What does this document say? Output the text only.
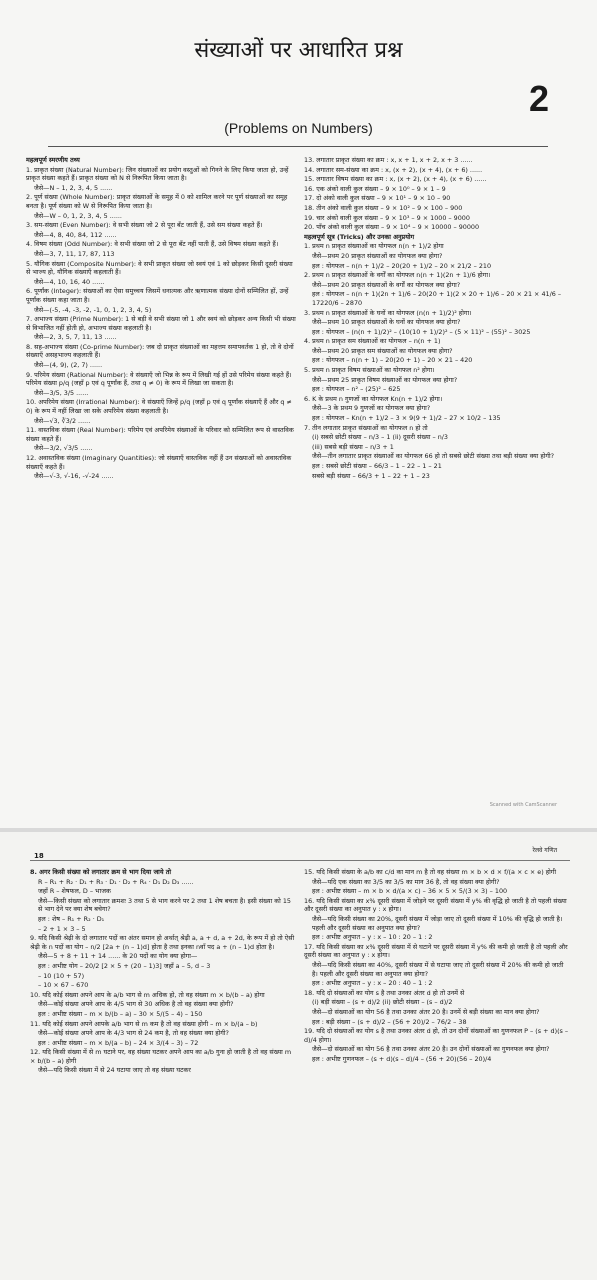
संख्याओं पर आधारित प्रश्न
2
(Problems on Numbers)

महत्वपूर्ण स्मरणीय तथ्य

1. प्राकृत संख्या (Natural Number): जिन संख्याओं का प्रयोग वस्तुओं को गिनने के लिए किया जाता हो, उन्हें प्राकृत संख्या कहते हैं। प्राकृत संख्या को N से निरूपित किया जाता है।

जैसे—N – 1, 2, 3, 4, 5 ......

2. पूर्ण संख्या (Whole Number): प्राकृत संख्याओं के समूह में 0 को शामिल करने पर पूर्ण संख्याओं का समूह बनता है। पूर्ण संख्या को W से निरूपित किया जाता है।

जैसे—W – 0, 1, 2, 3, 4, 5 ......

3. सम-संख्या (Even Number): वे सभी संख्या जो 2 से पूरा बँट जाती हैं, उसे सम संख्या कहते हैं।

जैसे—4, 8, 40, 84, 112 ......

4. विषम संख्या (Odd Number): वे सभी संख्या जो 2 से पूरा बँट नहीं पाती हैं, उसे विषम संख्या कहते हैं।

जैसे—3, 7, 11, 17, 87, 113

5. यौगिक संख्या (Composite Number): वे सभी प्राकृत संख्या जो स्वयं एवं 1 को छोड़कर किसी दूसरी संख्या से भाज्य हो, यौगिक संख्याएँ कहलाती हैं।

जैसे—4, 10, 16, 40 ......

6. पूर्णांक (Integer): संख्याओं का ऐसा समुच्चय जिसमें धनात्मक और ऋणात्मक संख्या दोनों सम्मिलित हों, उन्हें पूर्णांक संख्या कहा जाता है।

जैसे—(-5, -4, -3, -2, -1, 0, 1, 2, 3, 4, 5)

7. अभाज्य संख्या (Prime Number): 1 से बड़ी वे सभी संख्या जो 1 और स्वयं को छोड़कर अन्य किसी भी संख्या से विभाजित नहीं होती हो, अभाज्य संख्या कहलाती है।

जैसे—2, 3, 5, 7, 11, 13 ......

8. सह-अभाज्य संख्या (Co-prime Number): जब दो प्राकृत संख्याओं का महत्तम समापवर्तक 1 हो, तो वे दोनों संख्याएँ असहभाज्य कहलाती हैं।

जैसे—(4, 9), (2, 7) ......

9. परिमेय संख्या (Rational Number): वे संख्याएँ जो भिन्न के रूप में लिखी गई हों उसे परिमेय संख्या कहते हैं। परिमेय संख्या p/q (जहाँ p एवं q पूर्णांक हैं, तथा q ≠ 0) के रूप में लिखा जा सकता है।

जैसे—3/5, 3/5 ......

10. अपरिमेय संख्या (Irrational Number): वे संख्याएँ जिन्हें p/q (जहाँ p एवं q पूर्णांक संख्याएँ हैं और q ≠ 0) के रूप में नहीं लिखा जा सके अपरिमेय संख्या कहलाती है।

जैसे—√3, ∛3/2 ......

11. वास्तविक संख्या (Real Number): परिमेय एवं अपरिमेय संख्याओं के परिवार को सम्मिलित रूप से वास्तविक संख्या कहते हैं।

जैसे—3/2, √3/5 ......

12. अवास्तविक संख्या (Imaginary Quantities): जो संख्याएँ वास्तविक नहीं हैं उन संख्याओं को अवास्तविक संख्याएँ कहते हैं।

जैसे—√-3, √-16, -√-24 ......

13. लगातार प्राकृत संख्या का क्रम : x, x + 1, x + 2, x + 3 ......

14. लगातार सम-संख्या का क्रम : x, (x + 2), (x + 4), (x + 6) ......

15. लगातार विषम संख्या का क्रम : x, (x + 2), (x + 4), (x + 6) ......

16. एक अंको वाली कुल संख्या – 9 × 10⁰ – 9 × 1 – 9

17. दो अंको वाली कुल संख्या – 9 × 10¹ – 9 × 10 – 90

18. तीन अंको वाली कुल संख्या – 9 × 10² – 9 × 100 – 900

19. चार अंको वाली कुल संख्या – 9 × 10³ – 9 × 1000 – 9000

20. पाँच अंको वाली कुल संख्या – 9 × 10⁴ – 9 × 10000 – 90000

महत्वपूर्ण सूत्र (Tricks) और उनका अनुप्रयोग

1. प्रथम n प्राकृत संख्याओं का योगफल n(n + 1)/2 होगा

जैसे—प्रथम 20 प्राकृत संख्याओं का योगफल क्या होगा?

हल : योगफल – n(n + 1)/2 – 20(20 + 1)/2 – 20 × 21/2 – 210

2. प्रथम n प्राकृत संख्याओं के वर्गों का योगफल n(n + 1)(2n + 1)/6 होगा।

जैसे—प्रथम 20 प्राकृत संख्याओं के वर्गों का योगफल क्या होगा?

हल : योगफल – n(n + 1)(2n + 1)/6 – 20(20 + 1)(2 × 20 + 1)/6 – 20 × 21 × 41/6 – 17220/6 – 2870

3. प्रथम n प्राकृत संख्याओं के घनों का योगफल (n(n + 1)/2)² होगा।

जैसे—प्रथम 10 प्राकृत संख्याओं के घनों का योगफल क्या होगा?

हल : योगफल – (n(n + 1)/2)² – (10(10 + 1)/2)² – (5 × 11)² – (55)² – 3025

4. प्रथम n प्राकृत सम संख्याओं का योगफल – n(n + 1)

जैसे—प्रथम 20 प्राकृत सम संख्याओं का योगफल क्या होगा?

हल : योगफल – n(n + 1) – 20(20 + 1) – 20 × 21 – 420

5. प्रथम n प्राकृत विषम संख्याओं का योगफल n² होगा।

जैसे—प्रथम 25 प्राकृत विषम संख्याओं का योगफल क्या होगा?

हल : योगफल – n² – (25)² – 625

6. K के प्रथम n गुणजों का योगफल Kn(n + 1)/2 होगा।

जैसे—3 के प्रथम 9 गुणजों का योगफल क्या होगा?

हल : योगफल – Kn(n + 1)/2 – 3 × 9(9 + 1)/2 – 27 × 10/2 – 135

7. तीन लगातार प्राकृत संख्याओं का योगफल n हो तो

(i) सबसे छोटी संख्या – n/3 – 1 (ii) दूसरी संख्या – n/3

(iii) सबसे बड़ी संख्या – n/3 + 1

जैसे—तीन लगातार प्राकृत संख्याओं का योगफल 66 हो तो सबसे छोटी संख्या तथा बड़ी संख्या क्या होगी?

हल : सबसे छोटी संख्या – 66/3 – 1 – 22 – 1 – 21

सबसे बड़ी संख्या – 66/3 + 1 – 22 + 1 – 23

Scanned with CamScanner
18
रेलवे गणित

8. अगर किसी संख्या को लगातार क्रम से भाग दिया जाये तो

R – R₁ + R₂ · D₁ + R₃ · D₁ · D₂ + R₄ · D₁ D₂ D₃ ......

जहाँ R – शेषफल, D – भाजक

जैसे—किसी संख्या को लगातार क्रमशः 3 तथा 5 से भाग करने पर 2 तथा 1 शेष बचता है। इसी संख्या को 15 से भाग देने पर क्या शेष बचेगा?

हल : शेष – R₁ + R₂ · D₁

– 2 + 1 × 3 – 5

9. यदि किसी श्रेढ़ी के दो लगातार पदों का अंतर समान हो अर्थात् श्रेढ़ी a, a + d, a + 2d, के रूप में हो तो ऐसी श्रेढ़ी के n पदों का योग – n/2 [2a + (n – 1)d] होता है तथा इनका nवाँ पद a + (n – 1)d होता है।

जैसे—5 + 8 + 11 + 14 ...... के 20 पदों का योग क्या होगा—

हल : अभीष्ट योग – 20/2 [2 × 5 + (20 – 1)3] जहाँ a – 5, d – 3

– 10 (10 + 57)

– 10 × 67 – 670

10. यदि कोई संख्या अपने आप के a/b भाग से m अधिक हो, तो वह संख्या m × b/(b – a) होगा

जैसे—कोई संख्या अपने आप के 4/5 भाग से 30 अधिक है तो वह संख्या क्या होगी?

हल : अभीष्ट संख्या – m × b/(b – a) – 30 × 5/(5 – 4) – 150

11. यदि कोई संख्या अपने आपके a/b भाग से m कम है तो वह संख्या होगी – m × b/(a – b)

जैसे—कोई संख्या अपने आप के 4/3 भाग से 24 कम है, तो वह संख्या क्या होगी?

हल : अभीष्ट संख्या – m × b/(a – b) – 24 × 3/(4 – 3) – 72

12. यदि किसी संख्या में से m घटाने पर, वह संख्या घटकर अपने आप का a/b गुना हो जाती है तो वह संख्या m × b/(b – a) होगी

जैसे—यदि किसी संख्या में से 24 घटाया जाए तो वह संख्या घटकर

15. यदि किसी संख्या के a/b का c/d का मान m है तो वह संख्या m × b × d × f/(a × c × e) होगी

जैसे—यदि एक संख्या का 3/5 का 3/5 का मान 36 है, तो वह संख्या क्या होगी?

हल : अभीष्ट संख्या – m × b × d/(a × c) – 36 × 5 × 5/(3 × 3) – 100

16. यदि किसी संख्या का x% दूसरी संख्या में जोड़ने पर दूसरी संख्या में y% की वृद्धि हो जाती है तो पहली संख्या और दूसरी संख्या का अनुपात y : x होगा।

जैसे—यदि किसी संख्या का 20%, दूसरी संख्या में जोड़ा जाए तो दूसरी संख्या में 10% की वृद्धि हो जाती है। पहली और दूसरी संख्या का अनुपात क्या होगा?

हल : अभीष्ट अनुपात – y : x – 10 : 20 – 1 : 2

17. यदि किसी संख्या का x% दूसरी संख्या में से घटाने पर दूसरी संख्या में y% की कमी हो जाती है तो पहली और दूसरी संख्या का अनुपात y : x होगा।

जैसे—यदि किसी संख्या का 40%, दूसरी संख्या में से घटाया जाए तो दूसरी संख्या में 20% की कमी हो जाती है। पहली और दूसरी संख्या का अनुपात क्या होगा?

हल : अभीष्ट अनुपात – y : x – 20 : 40 – 1 : 2

18. यदि दो संख्याओं का योग s है तथा उनका अंतर d हो तो उनमें से

(i) बड़ी संख्या – (s + d)/2 (ii) छोटी संख्या – (s – d)/2

जैसे—दो संख्याओं का योग 56 है तथा उनका अंतर 20 है। उनमें से बड़ी संख्या का मान क्या होगा?

हल : बड़ी संख्या – (s + d)/2 – (56 + 20)/2 – 76/2 – 38

19. यदि दो संख्याओं का योग s है तथा उनका अंतर d हो, तो उन दोनों संख्याओं का गुणनफल P – (s + d)(s – d)/4 होगा।

जैसे—दो संख्याओं का योग 56 है तथा उनका अंतर 20 है। उन दोनों संख्याओं का गुणनफल क्या होगा?

हल : अभीष्ट गुणनफल – (s + d)(s – d)/4 – (56 + 20)(56 – 20)/4
